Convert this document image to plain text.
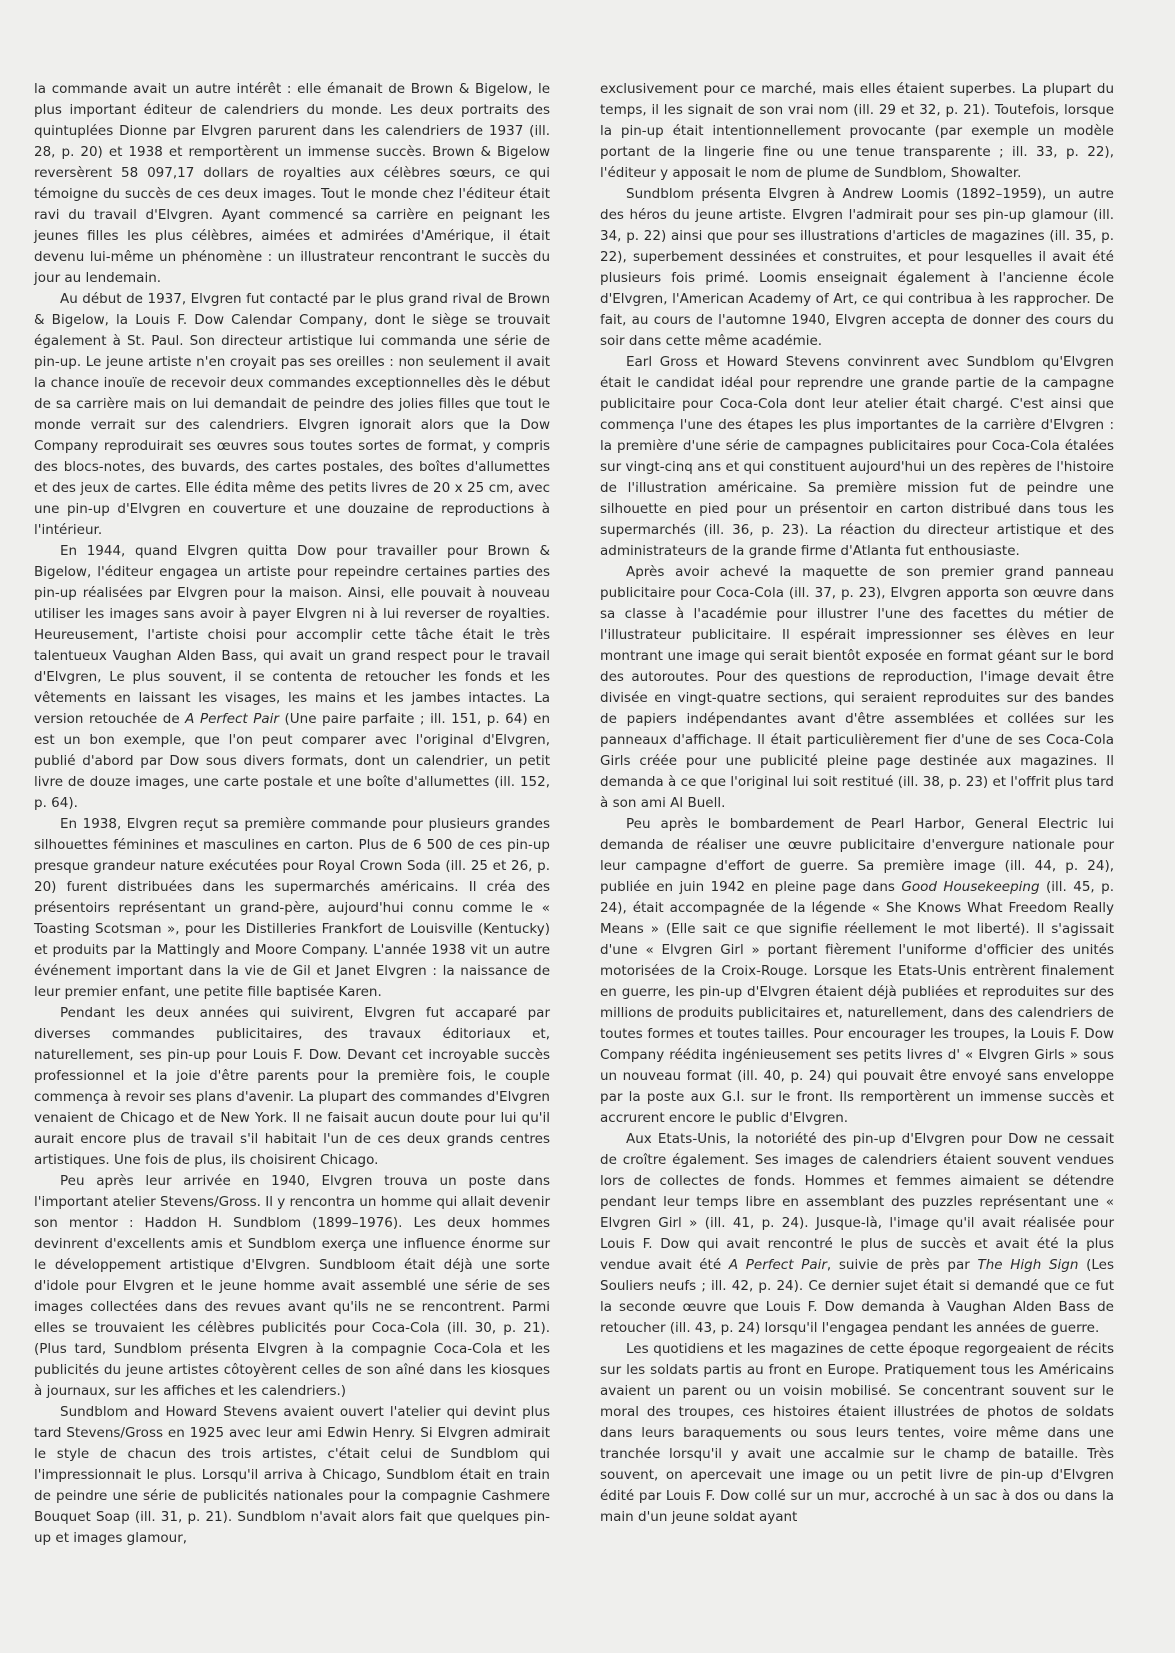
la commande avait un autre intérêt : elle émanait de Brown & Bigelow, le plus important éditeur de calendriers du monde. Les deux portraits des quintuplées Dionne par Elvgren parurent dans les calendriers de 1937 (ill. 28, p. 20) et 1938 et remportèrent un immense succès. Brown & Bigelow reversèrent 58 097,17 dollars de royalties aux célèbres sœurs, ce qui témoigne du succès de ces deux images. Tout le monde chez l'éditeur était ravi du travail d'Elvgren. Ayant commencé sa carrière en peignant les jeunes filles les plus célèbres, aimées et admirées d'Amérique, il était devenu lui-même un phénomène : un illustrateur rencontrant le succès du jour au lendemain.

Au début de 1937, Elvgren fut contacté par le plus grand rival de Brown & Bigelow, la Louis F. Dow Calendar Company, dont le siège se trouvait également à St. Paul. Son directeur artistique lui commanda une série de pin-up. Le jeune artiste n'en croyait pas ses oreilles : non seulement il avait la chance inouïe de recevoir deux commandes exceptionnelles dès le début de sa carrière mais on lui demandait de peindre des jolies filles que tout le monde verrait sur des calendriers. Elvgren ignorait alors que la Dow Company reproduirait ses œuvres sous toutes sortes de format, y compris des blocs-notes, des buvards, des cartes postales, des boîtes d'allumettes et des jeux de cartes. Elle édita même des petits livres de 20 x 25 cm, avec une pin-up d'Elvgren en couverture et une douzaine de reproductions à l'intérieur.

En 1944, quand Elvgren quitta Dow pour travailler pour Brown & Bigelow, l'éditeur engagea un artiste pour repeindre certaines parties des pin-up réalisées par Elvgren pour la maison. Ainsi, elle pouvait à nouveau utiliser les images sans avoir à payer Elvgren ni à lui reverser de royalties. Heureusement, l'artiste choisi pour accomplir cette tâche était le très talentueux Vaughan Alden Bass, qui avait un grand respect pour le travail d'Elvgren, Le plus souvent, il se contenta de retoucher les fonds et les vêtements en laissant les visages, les mains et les jambes intactes. La version retouchée de A Perfect Pair (Une paire parfaite ; ill. 151, p. 64) en est un bon exemple, que l'on peut comparer avec l'original d'Elvgren, publié d'abord par Dow sous divers formats, dont un calendrier, un petit livre de douze images, une carte postale et une boîte d'allumettes (ill. 152, p. 64).

En 1938, Elvgren reçut sa première commande pour plusieurs grandes silhouettes féminines et masculines en carton. Plus de 6 500 de ces pin-up presque grandeur nature exécutées pour Royal Crown Soda (ill. 25 et 26, p. 20) furent distribuées dans les supermarchés américains. Il créa des présentoirs représentant un grand-père, aujourd'hui connu comme le « Toasting Scotsman », pour les Distilleries Frankfort de Louisville (Kentucky) et produits par la Mattingly and Moore Company. L'année 1938 vit un autre événement important dans la vie de Gil et Janet Elvgren : la naissance de leur premier enfant, une petite fille baptisée Karen.

Pendant les deux années qui suivirent, Elvgren fut accaparé par diverses commandes publicitaires, des travaux éditoriaux et, naturellement, ses pin-up pour Louis F. Dow. Devant cet incroyable succès professionnel et la joie d'être parents pour la première fois, le couple commença à revoir ses plans d'avenir. La plupart des commandes d'Elvgren venaient de Chicago et de New York. Il ne faisait aucun doute pour lui qu'il aurait encore plus de travail s'il habitait l'un de ces deux grands centres artistiques. Une fois de plus, ils choisirent Chicago.

Peu après leur arrivée en 1940, Elvgren trouva un poste dans l'important atelier Stevens/Gross. Il y rencontra un homme qui allait devenir son mentor : Haddon H. Sundblom (1899–1976). Les deux hommes devinrent d'excellents amis et Sundblom exerça une influence énorme sur le développement artistique d'Elvgren. Sundbloom était déjà une sorte d'idole pour Elvgren et le jeune homme avait assemblé une série de ses images collectées dans des revues avant qu'ils ne se rencontrent. Parmi elles se trouvaient les célèbres publicités pour Coca-Cola (ill. 30, p. 21). (Plus tard, Sundblom présenta Elvgren à la compagnie Coca-Cola et les publicités du jeune artistes côtoyèrent celles de son aîné dans les kiosques à journaux, sur les affiches et les calendriers.)

Sundblom and Howard Stevens avaient ouvert l'atelier qui devint plus tard Stevens/Gross en 1925 avec leur ami Edwin Henry. Si Elvgren admirait le style de chacun des trois artistes, c'était celui de Sundblom qui l'impressionnait le plus. Lorsqu'il arriva à Chicago, Sundblom était en train de peindre une série de publicités nationales pour la compagnie Cashmere Bouquet Soap (ill. 31, p. 21). Sundblom n'avait alors fait que quelques pin-up et images glamour,

exclusivement pour ce marché, mais elles étaient superbes. La plupart du temps, il les signait de son vrai nom (ill. 29 et 32, p. 21). Toutefois, lorsque la pin-up était intentionnellement provocante (par exemple un modèle portant de la lingerie fine ou une tenue transparente ; ill. 33, p. 22), l'éditeur y apposait le nom de plume de Sundblom, Showalter.

Sundblom présenta Elvgren à Andrew Loomis (1892–1959), un autre des héros du jeune artiste. Elvgren l'admirait pour ses pin-up glamour (ill. 34, p. 22) ainsi que pour ses illustrations d'articles de magazines (ill. 35, p. 22), superbement dessinées et construites, et pour lesquelles il avait été plusieurs fois primé. Loomis enseignait également à l'ancienne école d'Elvgren, l'American Academy of Art, ce qui contribua à les rapprocher. De fait, au cours de l'automne 1940, Elvgren accepta de donner des cours du soir dans cette même académie.

Earl Gross et Howard Stevens convinrent avec Sundblom qu'Elvgren était le candidat idéal pour reprendre une grande partie de la campagne publicitaire pour Coca-Cola dont leur atelier était chargé. C'est ainsi que commença l'une des étapes les plus importantes de la carrière d'Elvgren : la première d'une série de campagnes publicitaires pour Coca-Cola étalées sur vingt-cinq ans et qui constituent aujourd'hui un des repères de l'histoire de l'illustration américaine. Sa première mission fut de peindre une silhouette en pied pour un présentoir en carton distribué dans tous les supermarchés (ill. 36, p. 23). La réaction du directeur artistique et des administrateurs de la grande firme d'Atlanta fut enthousiaste.

Après avoir achevé la maquette de son premier grand panneau publicitaire pour Coca-Cola (ill. 37, p. 23), Elvgren apporta son œuvre dans sa classe à l'académie pour illustrer l'une des facettes du métier de l'illustrateur publicitaire. Il espérait impressionner ses élèves en leur montrant une image qui serait bientôt exposée en format géant sur le bord des autoroutes. Pour des questions de reproduction, l'image devait être divisée en vingt-quatre sections, qui seraient reproduites sur des bandes de papiers indépendantes avant d'être assemblées et collées sur les panneaux d'affichage. Il était particulièrement fier d'une de ses Coca-Cola Girls créée pour une publicité pleine page destinée aux magazines. Il demanda à ce que l'original lui soit restitué (ill. 38, p. 23) et l'offrit plus tard à son ami Al Buell.

Peu après le bombardement de Pearl Harbor, General Electric lui demanda de réaliser une œuvre publicitaire d'envergure nationale pour leur campagne d'effort de guerre. Sa première image (ill. 44, p. 24), publiée en juin 1942 en pleine page dans Good Housekeeping (ill. 45, p. 24), était accompagnée de la légende « She Knows What Freedom Really Means » (Elle sait ce que signifie réellement le mot liberté). Il s'agissait d'une « Elvgren Girl » portant fièrement l'uniforme d'officier des unités motorisées de la Croix-Rouge. Lorsque les Etats-Unis entrèrent finalement en guerre, les pin-up d'Elvgren étaient déjà publiées et reproduites sur des millions de produits publicitaires et, naturellement, dans des calendriers de toutes formes et toutes tailles. Pour encourager les troupes, la Louis F. Dow Company réédita ingénieusement ses petits livres d' « Elvgren Girls » sous un nouveau format (ill. 40, p. 24) qui pouvait être envoyé sans enveloppe par la poste aux G.I. sur le front. Ils remportèrent un immense succès et accrurent encore le public d'Elvgren.

Aux Etats-Unis, la notoriété des pin-up d'Elvgren pour Dow ne cessait de croître également. Ses images de calendriers étaient souvent vendues lors de collectes de fonds. Hommes et femmes aimaient se détendre pendant leur temps libre en assemblant des puzzles représentant une « Elvgren Girl » (ill. 41, p. 24). Jusque-là, l'image qu'il avait réalisée pour Louis F. Dow qui avait rencontré le plus de succès et avait été la plus vendue avait été A Perfect Pair, suivie de près par The High Sign (Les Souliers neufs ; ill. 42, p. 24). Ce dernier sujet était si demandé que ce fut la seconde œuvre que Louis F. Dow demanda à Vaughan Alden Bass de retoucher (ill. 43, p. 24) lorsqu'il l'engagea pendant les années de guerre.

Les quotidiens et les magazines de cette époque regorgeaient de récits sur les soldats partis au front en Europe. Pratiquement tous les Américains avaient un parent ou un voisin mobilisé. Se concentrant souvent sur le moral des troupes, ces histoires étaient illustrées de photos de soldats dans leurs baraquements ou sous leurs tentes, voire même dans une tranchée lorsqu'il y avait une accalmie sur le champ de bataille. Très souvent, on apercevait une image ou un petit livre de pin-up d'Elvgren édité par Louis F. Dow collé sur un mur, accroché à un sac à dos ou dans la main d'un jeune soldat ayant
